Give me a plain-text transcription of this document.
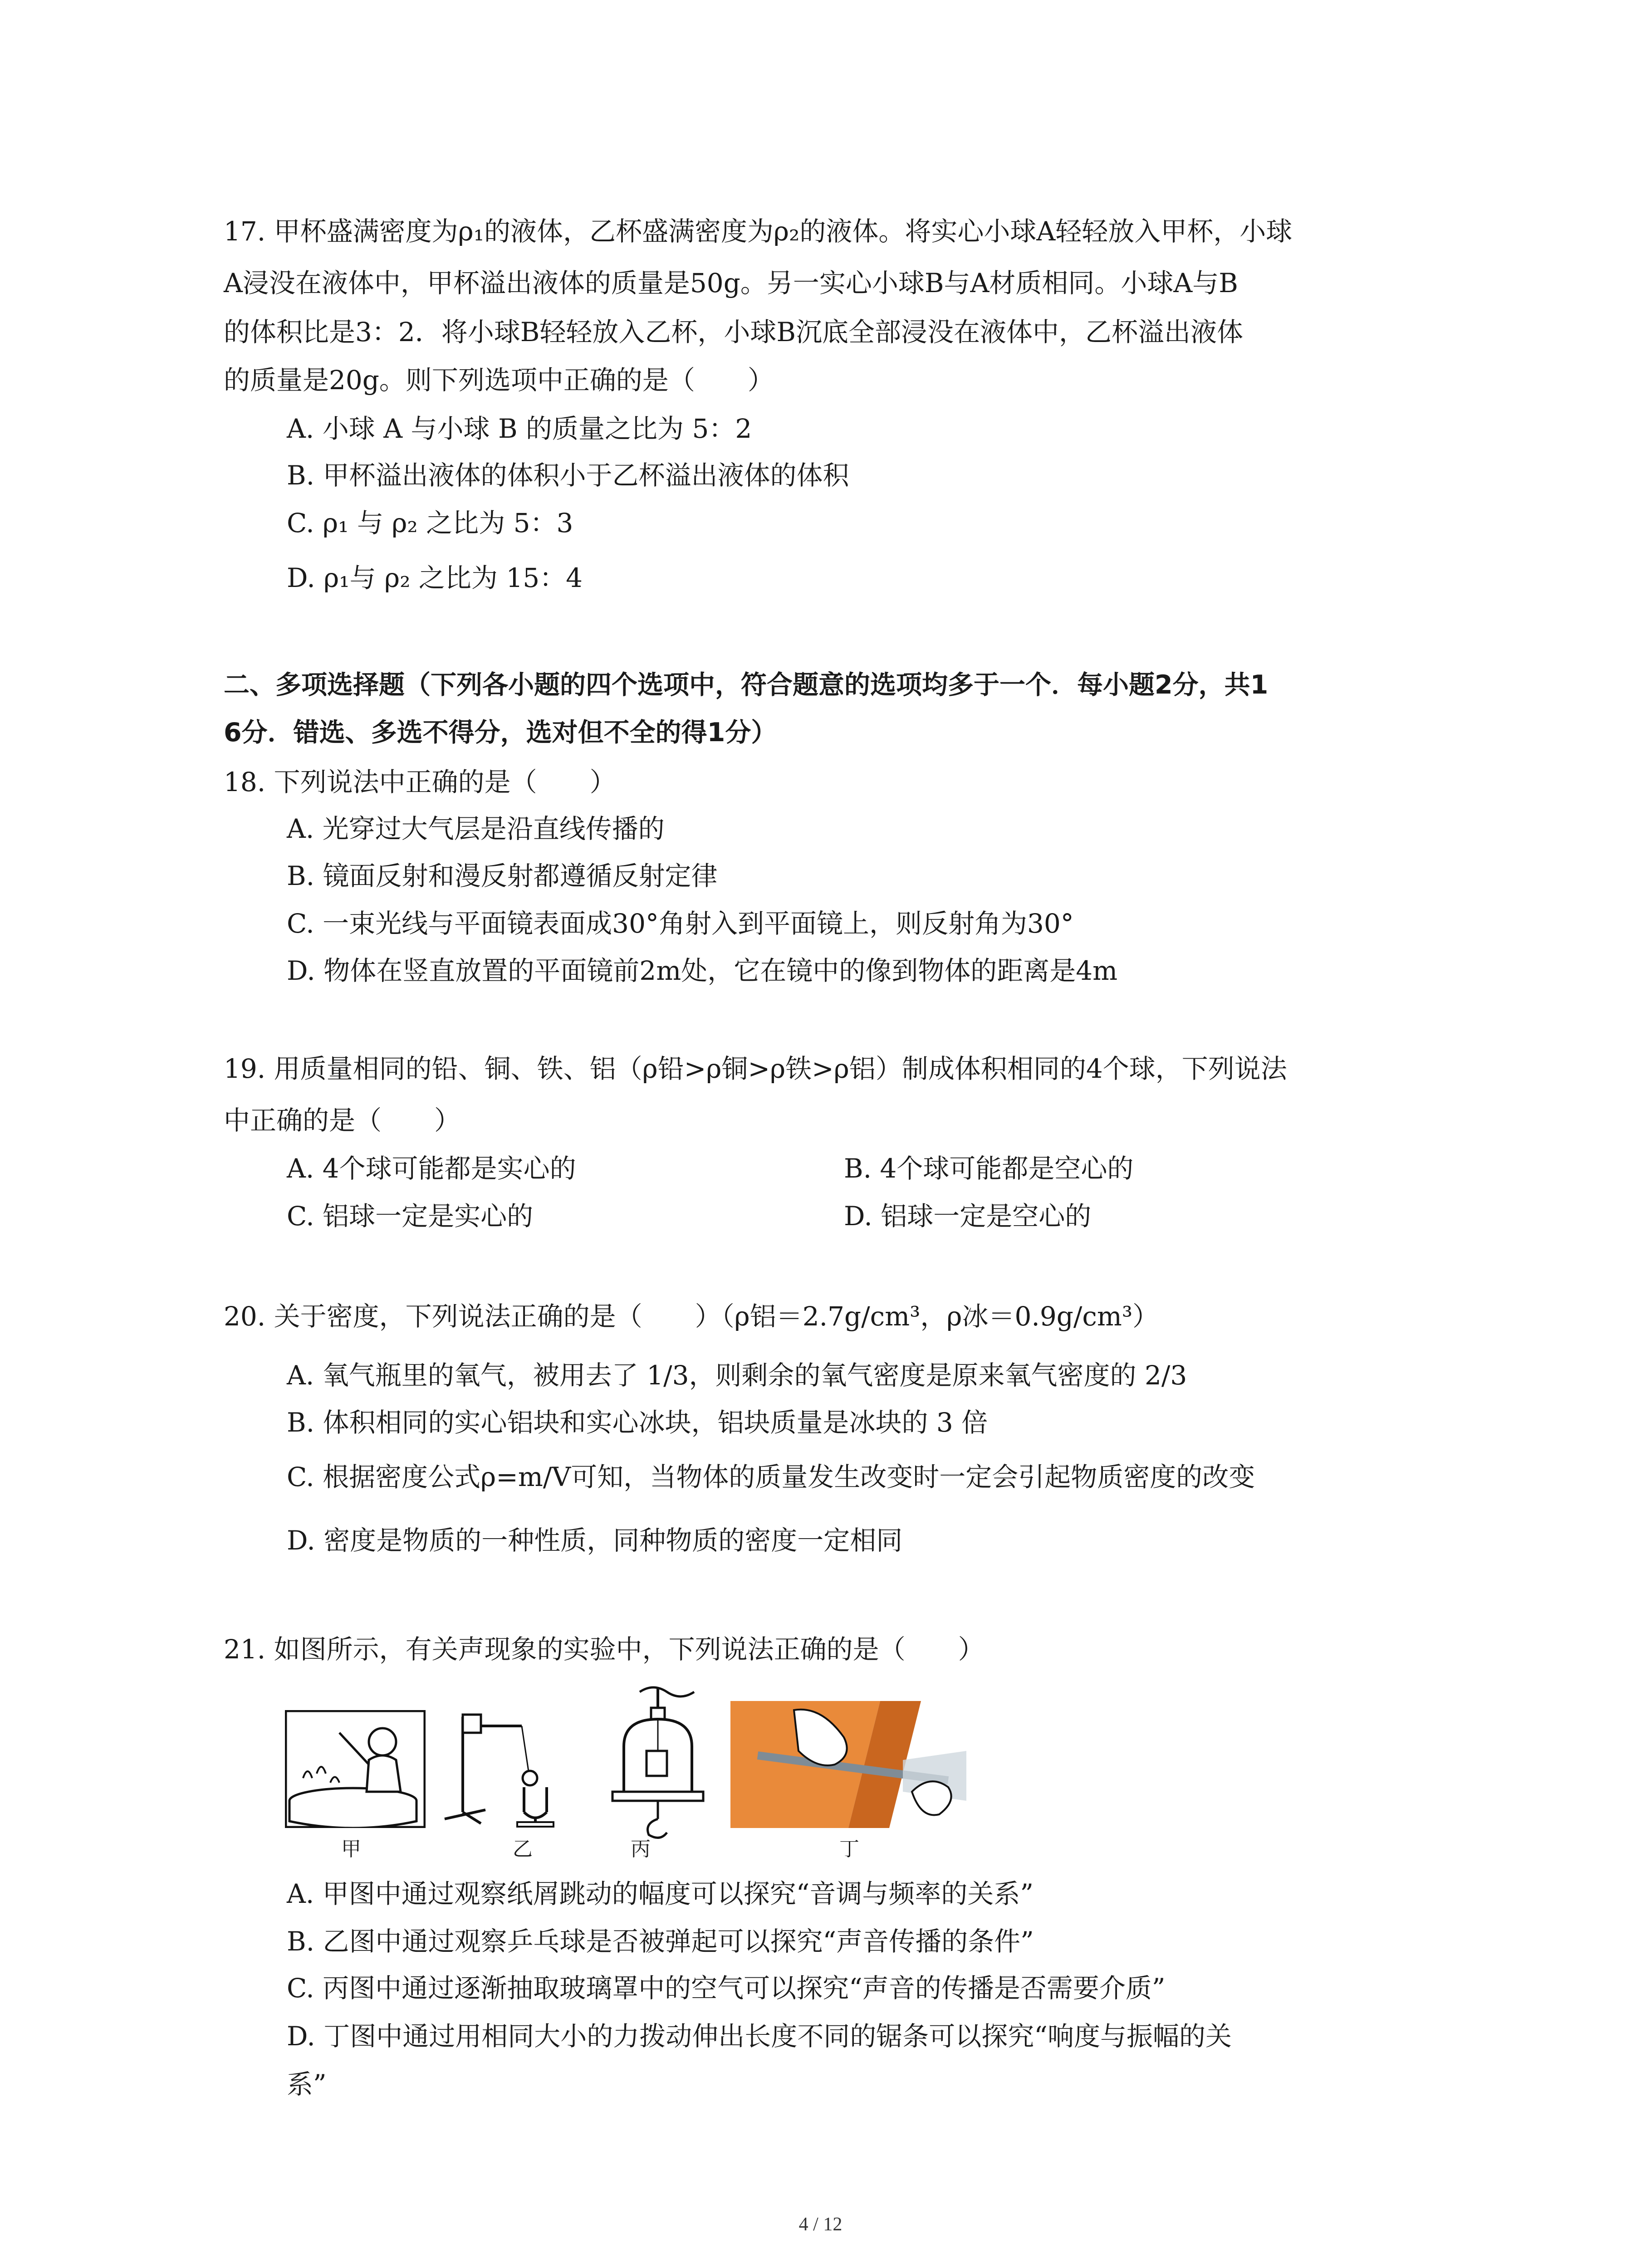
17. 甲杯盛满密度为ρ₁的液体，乙杯盛满密度为ρ₂的液体。将实心小球A轻轻放入甲杯，小球
A浸没在液体中，甲杯溢出液体的质量是50g。另一实心小球B与A材质相同。小球A与B
的体积比是3：2．将小球B轻轻放入乙杯，小球B沉底全部浸没在液体中，乙杯溢出液体
的质量是20g。则下列选项中正确的是（　　）
A. 小球 A 与小球 B 的质量之比为 5：2
B. 甲杯溢出液体的体积小于乙杯溢出液体的体积
C. ρ₁ 与 ρ₂ 之比为 5：3
D. ρ₁与 ρ₂ 之比为 15：4
二、多项选择题（下列各小题的四个选项中，符合题意的选项均多于一个．每小题2分，共1
6分．错选、多选不得分，选对但不全的得1分）
18. 下列说法中正确的是（　　）
A. 光穿过大气层是沿直线传播的
B. 镜面反射和漫反射都遵循反射定律
C. 一束光线与平面镜表面成30°角射入到平面镜上，则反射角为30°
D. 物体在竖直放置的平面镜前2m处，它在镜中的像到物体的距离是4m
19. 用质量相同的铅、铜、铁、铝（ρ铅>ρ铜>ρ铁>ρ铝）制成体积相同的4个球，下列说法
中正确的是（　　）
A. 4个球可能都是实心的	B. 4个球可能都是空心的
C. 铝球一定是实心的	D. 铝球一定是空心的
20. 关于密度，下列说法正确的是（　　）（ρ铝＝2.7g/cm³，ρ冰＝0.9g/cm³）
A. 氧气瓶里的氧气，被用去了 1/3，则剩余的氧气密度是原来氧气密度的 2/3
B. 体积相同的实心铝块和实心冰块，铝块质量是冰块的 3 倍
C. 根据密度公式ρ=m/V可知，当物体的质量发生改变时一定会引起物质密度的改变
D. 密度是物质的一种性质，同种物质的密度一定相同
21. 如图所示，有关声现象的实验中，下列说法正确的是（　　）
甲	乙	丙	丁
A. 甲图中通过观察纸屑跳动的幅度可以探究“音调与频率的关系”
B. 乙图中通过观察乒乓球是否被弹起可以探究“声音传播的条件”
C. 丙图中通过逐渐抽取玻璃罩中的空气可以探究“声音的传播是否需要介质”
D. 丁图中通过用相同大小的力拨动伸出长度不同的锯条可以探究“响度与振幅的关
系”
4 / 12
